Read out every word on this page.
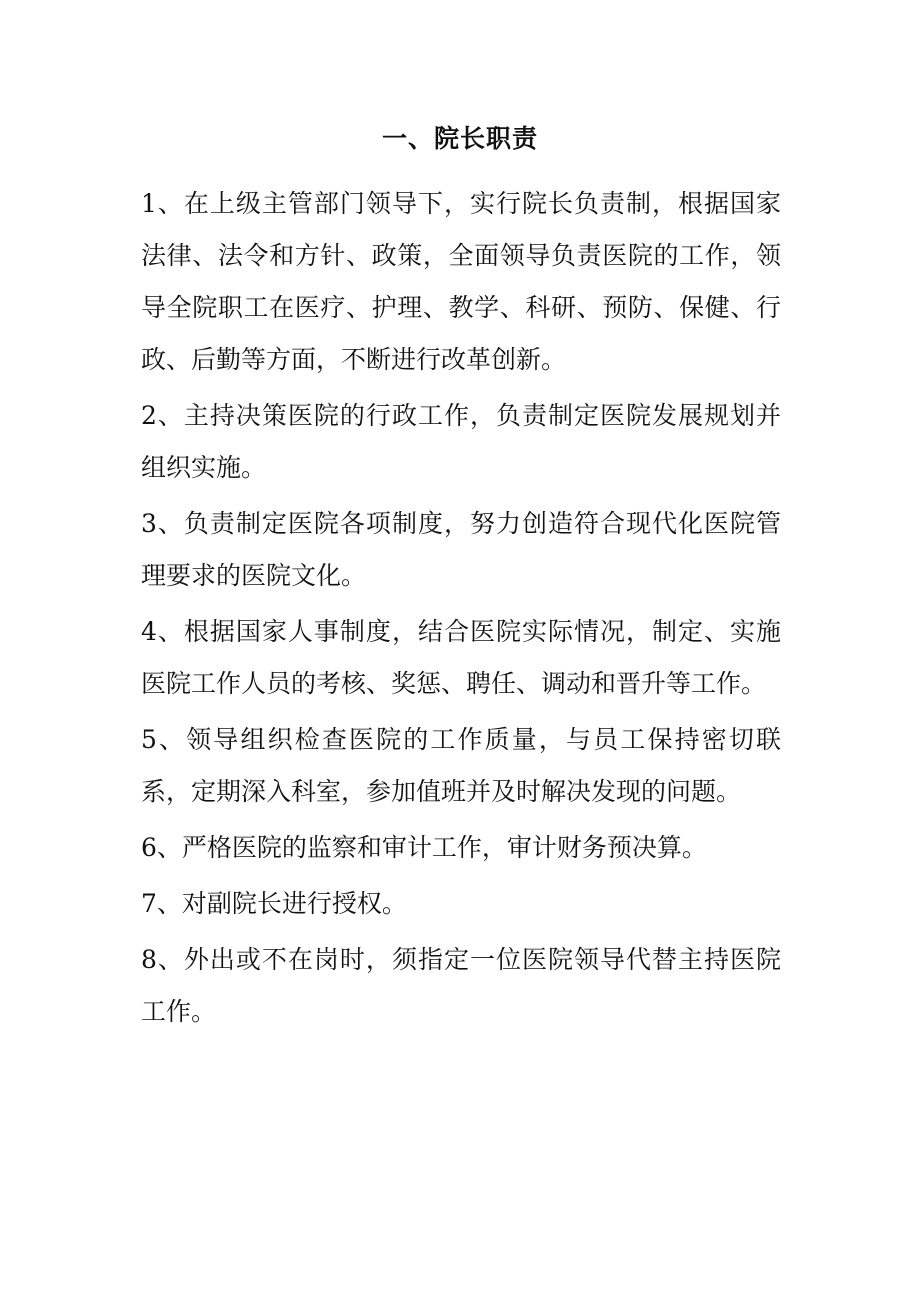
一、院长职责
1、在上级主管部门领导下，实行院长负责制，根据国家法律、法令和方针、政策，全面领导负责医院的工作，领导全院职工在医疗、护理、教学、科研、预防、保健、行政、后勤等方面，不断进行改革创新。
2、主持决策医院的行政工作，负责制定医院发展规划并组织实施。
3、负责制定医院各项制度，努力创造符合现代化医院管理要求的医院文化。
4、根据国家人事制度，结合医院实际情况，制定、实施医院工作人员的考核、奖惩、聘任、调动和晋升等工作。
5、领导组织检查医院的工作质量，与员工保持密切联系，定期深入科室，参加值班并及时解决发现的问题。
6、严格医院的监察和审计工作，审计财务预决算。
7、对副院长进行授权。
8、外出或不在岗时，须指定一位医院领导代替主持医院工作。
